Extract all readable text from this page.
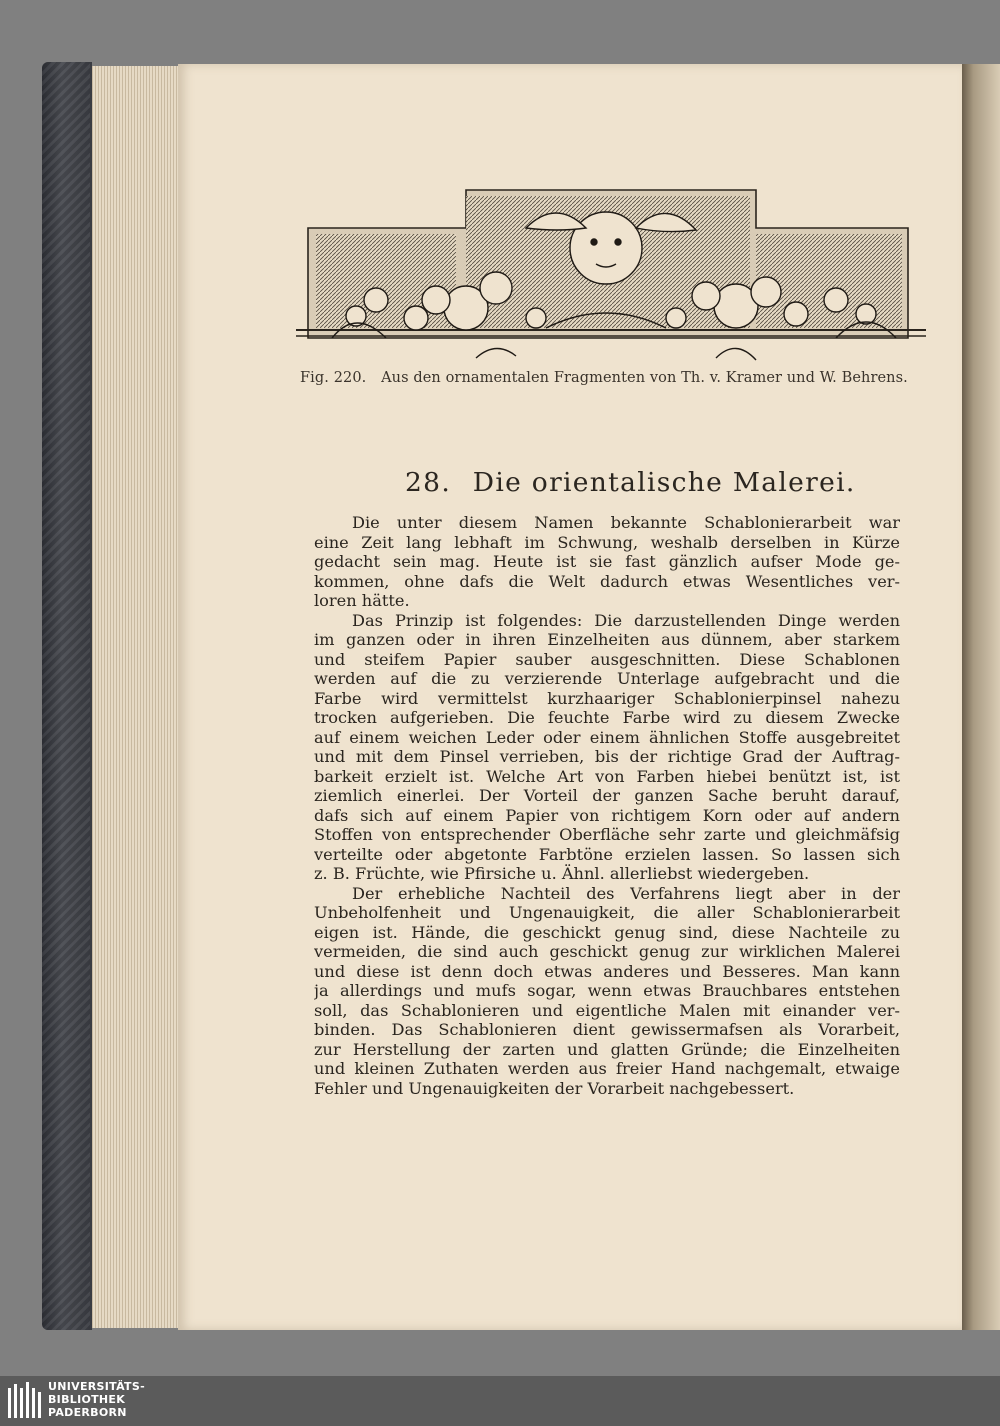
Fig. 220. Aus den ornamentalen Fragmenten von Th. v. Kramer und W. Behrens.
28. Die orientalische Malerei.
Die unter diesem Namen bekannte Schablonierarbeit war
eine Zeit lang lebhaft im Schwung, weshalb derselben in Kürze
gedacht sein mag. Heute ist sie fast gänzlich aufser Mode ge-
kommen, ohne dafs die Welt dadurch etwas Wesentliches ver-
loren hätte.
Das Prinzip ist folgendes: Die darzustellenden Dinge werden
im ganzen oder in ihren Einzelheiten aus dünnem, aber starkem
und steifem Papier sauber ausgeschnitten. Diese Schablonen
werden auf die zu verzierende Unterlage aufgebracht und die
Farbe wird vermittelst kurzhaariger Schablonierpinsel nahezu
trocken aufgerieben. Die feuchte Farbe wird zu diesem Zwecke
auf einem weichen Leder oder einem ähnlichen Stoffe ausgebreitet
und mit dem Pinsel verrieben, bis der richtige Grad der Auftrag-
barkeit erzielt ist. Welche Art von Farben hiebei benützt ist, ist
ziemlich einerlei. Der Vorteil der ganzen Sache beruht darauf,
dafs sich auf einem Papier von richtigem Korn oder auf andern
Stoffen von entsprechender Oberfläche sehr zarte und gleichmäfsig
verteilte oder abgetonte Farbtöne erzielen lassen. So lassen sich
z. B. Früchte, wie Pfirsiche u. Ähnl. allerliebst wiedergeben.
Der erhebliche Nachteil des Verfahrens liegt aber in der
Unbeholfenheit und Ungenauigkeit, die aller Schablonierarbeit
eigen ist. Hände, die geschickt genug sind, diese Nachteile zu
vermeiden, die sind auch geschickt genug zur wirklichen Malerei
und diese ist denn doch etwas anderes und Besseres. Man kann
ja allerdings und mufs sogar, wenn etwas Brauchbares entstehen
soll, das Schablonieren und eigentliche Malen mit einander ver-
binden. Das Schablonieren dient gewissermafsen als Vorarbeit,
zur Herstellung der zarten und glatten Gründe; die Einzelheiten
und kleinen Zuthaten werden aus freier Hand nachgemalt, etwaige
Fehler und Ungenauigkeiten der Vorarbeit nachgebessert.
UNIVERSITÄTS-
BIBLIOTHEK
PADERBORN
